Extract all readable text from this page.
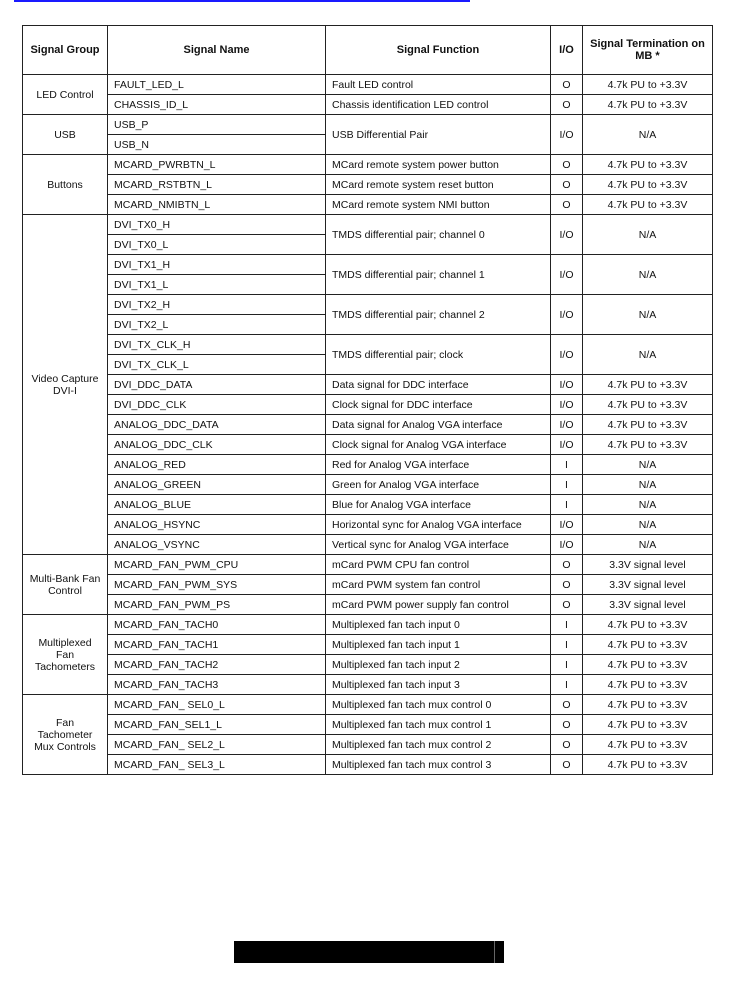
Signal Group	Signal Name	Signal Function	I/O	Signal Termination on MB *
LED Control	FAULT_LED_L	Fault LED control	O	4.7k PU to +3.3V
	CHASSIS_ID_L	Chassis identification LED control	O	4.7k PU to +3.3V
USB	USB_P	USB Differential Pair	I/O	N/A
	USB_N			
Buttons	MCARD_PWRBTN_L	MCard remote system power button	O	4.7k PU to +3.3V
	MCARD_RSTBTN_L	MCard remote system reset button	O	4.7k PU to +3.3V
	MCARD_NMIBTN_L	MCard remote system NMI button	O	4.7k PU to +3.3V
Video Capture DVI-I	DVI_TX0_H	TMDS differential pair; channel 0	I/O	N/A
	DVI_TX0_L			
	DVI_TX1_H	TMDS differential pair; channel 1	I/O	N/A
	DVI_TX1_L			
	DVI_TX2_H	TMDS differential pair; channel 2	I/O	N/A
	DVI_TX2_L			
	DVI_TX_CLK_H	TMDS differential pair; clock	I/O	N/A
	DVI_TX_CLK_L			
	DVI_DDC_DATA	Data signal for DDC interface	I/O	4.7k PU to +3.3V
	DVI_DDC_CLK	Clock signal for DDC interface	I/O	4.7k PU to +3.3V
	ANALOG_DDC_DATA	Data signal for Analog VGA interface	I/O	4.7k PU to +3.3V
	ANALOG_DDC_CLK	Clock signal for Analog VGA interface	I/O	4.7k PU to +3.3V
	ANALOG_RED	Red for Analog VGA interface	I	N/A
	ANALOG_GREEN	Green for Analog VGA interface	I	N/A
	ANALOG_BLUE	Blue for Analog VGA interface	I	N/A
	ANALOG_HSYNC	Horizontal sync for Analog VGA interface	I/O	N/A
	ANALOG_VSYNC	Vertical sync for Analog VGA interface	I/O	N/A
Multi-Bank Fan Control	MCARD_FAN_PWM_CPU	mCard PWM CPU fan control	O	3.3V signal level
	MCARD_FAN_PWM_SYS	mCard PWM system fan control	O	3.3V signal level
	MCARD_FAN_PWM_PS	mCard PWM power supply fan control	O	3.3V signal level
Multiplexed Fan Tachometers	MCARD_FAN_TACH0	Multiplexed fan tach input 0	I	4.7k PU to +3.3V
	MCARD_FAN_TACH1	Multiplexed fan tach input 1	I	4.7k PU to +3.3V
	MCARD_FAN_TACH2	Multiplexed fan tach input 2	I	4.7k PU to +3.3V
	MCARD_FAN_TACH3	Multiplexed fan tach input 3	I	4.7k PU to +3.3V
Fan Tachometer Mux Controls	MCARD_FAN_ SEL0_L	Multiplexed fan tach mux control 0	O	4.7k PU to +3.3V
	MCARD_FAN_SEL1_L	Multiplexed fan tach mux control 1	O	4.7k PU to +3.3V
	MCARD_FAN_ SEL2_L	Multiplexed fan tach mux control 2	O	4.7k PU to +3.3V
	MCARD_FAN_ SEL3_L	Multiplexed fan tach mux control 3	O	4.7k PU to +3.3V
